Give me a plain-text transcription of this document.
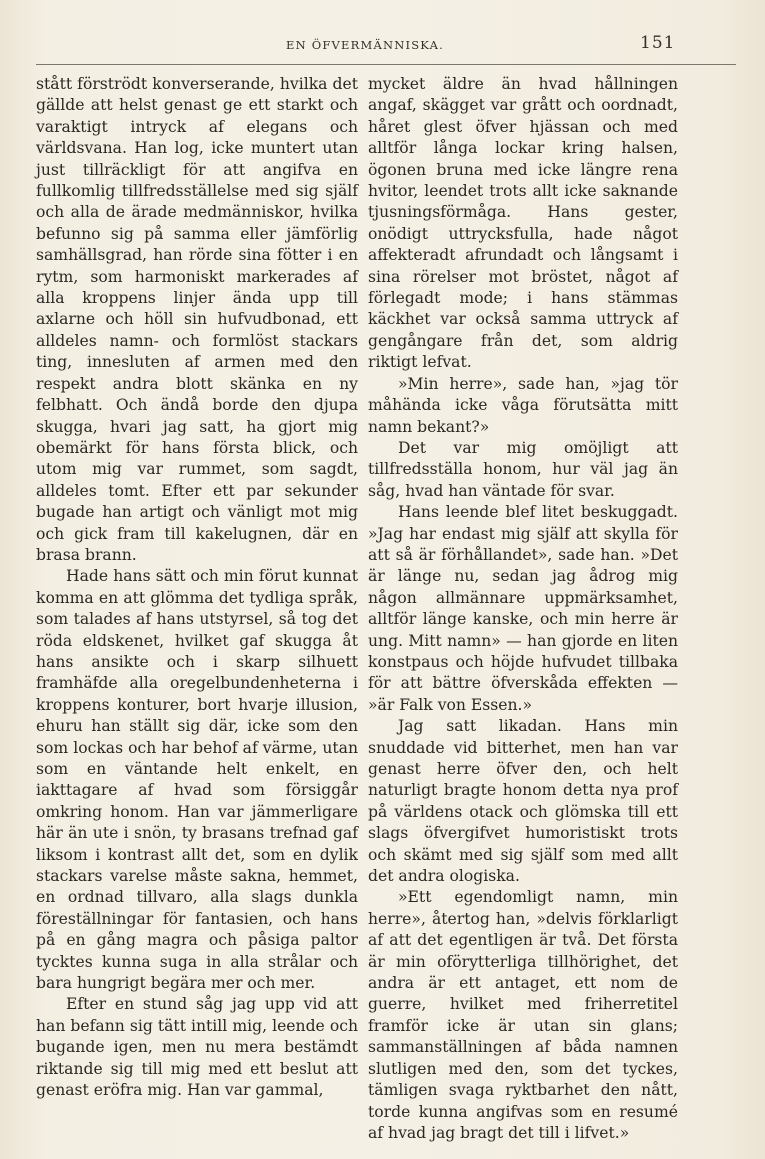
EN ÖFVERMÄNNISKA.	151

stått förströdt konverserande, hvilka det gällde att helst genast ge ett starkt och varaktigt intryck af elegans och världsvana. Han log, icke muntert utan just tillräckligt för att angifva en fullkomlig tillfredsställelse med sig själf och alla de ärade medmänniskor, hvilka befunno sig på samma eller jämförlig samhällsgrad, han rörde sina fötter i en rytm, som harmoniskt markerades af alla kroppens linjer ända upp till axlarne och höll sin hufvudbonad, ett alldeles namn- och formlöst stackars ting, innesluten af armen med den respekt andra blott skänka en ny felbhatt. Och ändå borde den djupa skugga, hvari jag satt, ha gjort mig obemärkt för hans första blick, och utom mig var rummet, som sagdt, alldeles tomt. Efter ett par sekunder bugade han artigt och vänligt mot mig och gick fram till kakelugnen, där en brasa brann.

Hade hans sätt och min förut kunnat komma en att glömma det tydliga språk, som talades af hans utstyrsel, så tog det röda eldskenet, hvilket gaf skugga åt hans ansikte och i skarp silhuett framhäfde alla oregelbundenheterna i kroppens konturer, bort hvarje illusion, ehuru han ställt sig där, icke som den som lockas och har behof af värme, utan som en väntande helt enkelt, en iakttagare af hvad som försiggår omkring honom. Han var jämmerligare här än ute i snön, ty brasans trefnad gaf liksom i kontrast allt det, som en dylik stackars varelse måste sakna, hemmet, en ordnad tillvaro, alla slags dunkla föreställningar för fantasien, och hans på en gång magra och påsiga paltor tycktes kunna suga in alla strålar och bara hungrigt begära mer och mer.

Efter en stund såg jag upp vid att han befann sig tätt intill mig, leende och bugande igen, men nu mera bestämdt riktande sig till mig med ett beslut att genast eröfra mig. Han var gammal,

mycket äldre än hvad hållningen angaf, skägget var grått och oordnadt, håret glest öfver hjässan och med alltför långa lockar kring halsen, ögonen bruna med icke längre rena hvitor, leendet trots allt icke saknande tjusningsförmåga. Hans gester, onödigt uttrycksfulla, hade något affekteradt afrundadt och långsamt i sina rörelser mot bröstet, något af förlegadt mode; i hans stämmas käckhet var också samma uttryck af gengångare från det, som aldrig riktigt lefvat.

»Min herre», sade han, »jag tör måhända icke våga förutsätta mitt namn bekant?»

Det var mig omöjligt att tillfredsställa honom, hur väl jag än såg, hvad han väntade för svar.

Hans leende blef litet beskuggadt. »Jag har endast mig själf att skylla för att så är förhållandet», sade han. »Det är länge nu, sedan jag ådrog mig någon allmännare uppmärksamhet, alltför länge kanske, och min herre är ung. Mitt namn» — han gjorde en liten konstpaus och höjde hufvudet tillbaka för att bättre öfverskåda effekten — »är Falk von Essen.»

Jag satt likadan. Hans min snuddade vid bitterhet, men han var genast herre öfver den, och helt naturligt bragte honom detta nya prof på världens otack och glömska till ett slags öfvergifvet humoristiskt trots och skämt med sig själf som med allt det andra ologiska.

»Ett egendomligt namn, min herre», återtog han, »delvis förklarligt af att det egentligen är två. Det första är min oförytterliga tillhörighet, det andra är ett antaget, ett nom de guerre, hvilket med friherretitel framför icke är utan sin glans; sammanställningen af båda namnen slutligen med den, som det tyckes, tämligen svaga ryktbarhet den nått, torde kunna angifvas som en resumé af hvad jag bragt det till i lifvet.»
